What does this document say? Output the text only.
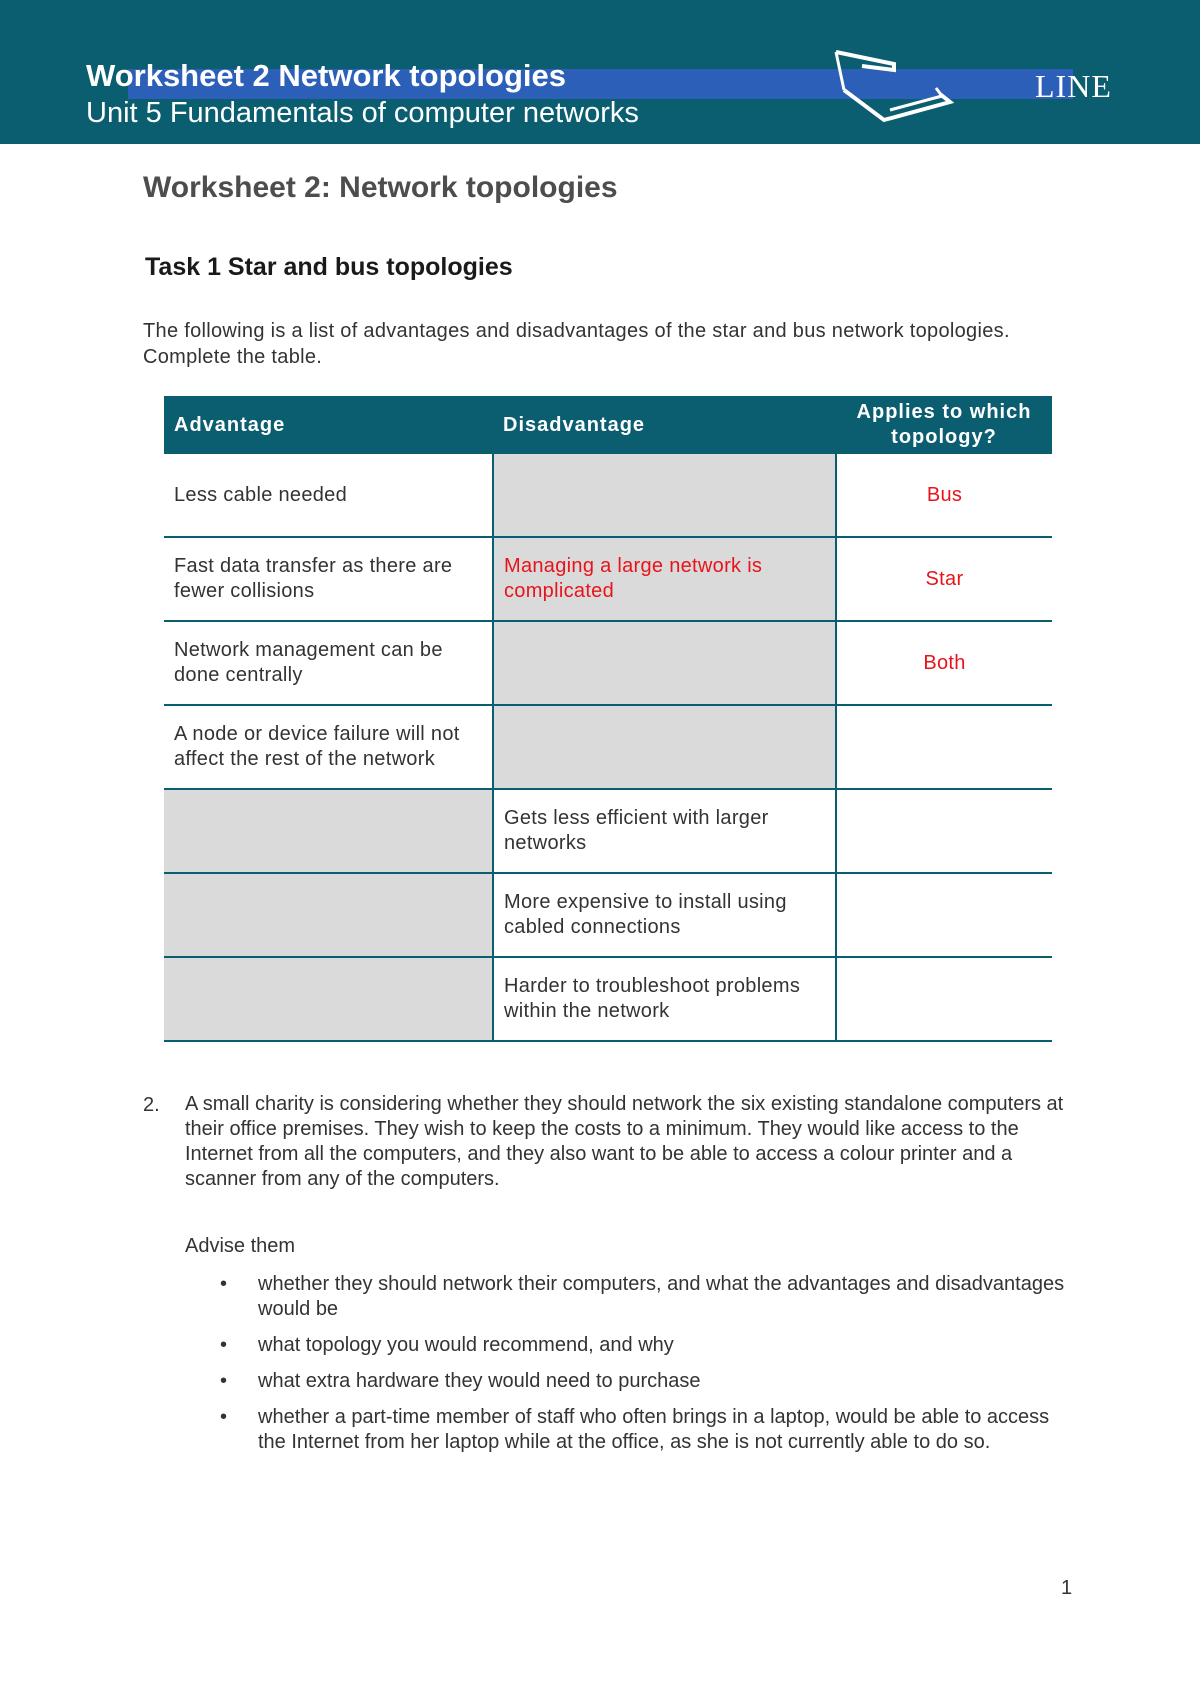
Worksheet 2 Network topologies

Unit 5 Fundamentals of computer networks

LINE
Worksheet 2: Network topologies
Task 1 Star and bus topologies

The following is a list of advantages and disadvantages of the star and bus network topologies. Complete the table.

Advantage	Disadvantage	Applies to which topology?
Less cable needed		Bus
Fast data transfer as there are fewer collisions	Managing a large network is complicated	Star
Network management can be done centrally		Both
A node or device failure will not affect the rest of the network		
	Gets less efficient with larger networks	
	More expensive to install using cabled connections	
	Harder to troubleshoot problems within the network	

2. A small charity is considering whether they should network the six existing standalone computers at their office premises. They wish to keep the costs to a minimum. They would like access to the Internet from all the computers, and they also want to be able to access a colour printer and a scanner from any of the computers.

Advise them

• whether they should network their computers, and what the advantages and disadvantages would be
• what topology you would recommend, and why
• what extra hardware they would need to purchase
• whether a part-time member of staff who often brings in a laptop, would be able to access the Internet from her laptop while at the office, as she is not currently able to do so.

1
